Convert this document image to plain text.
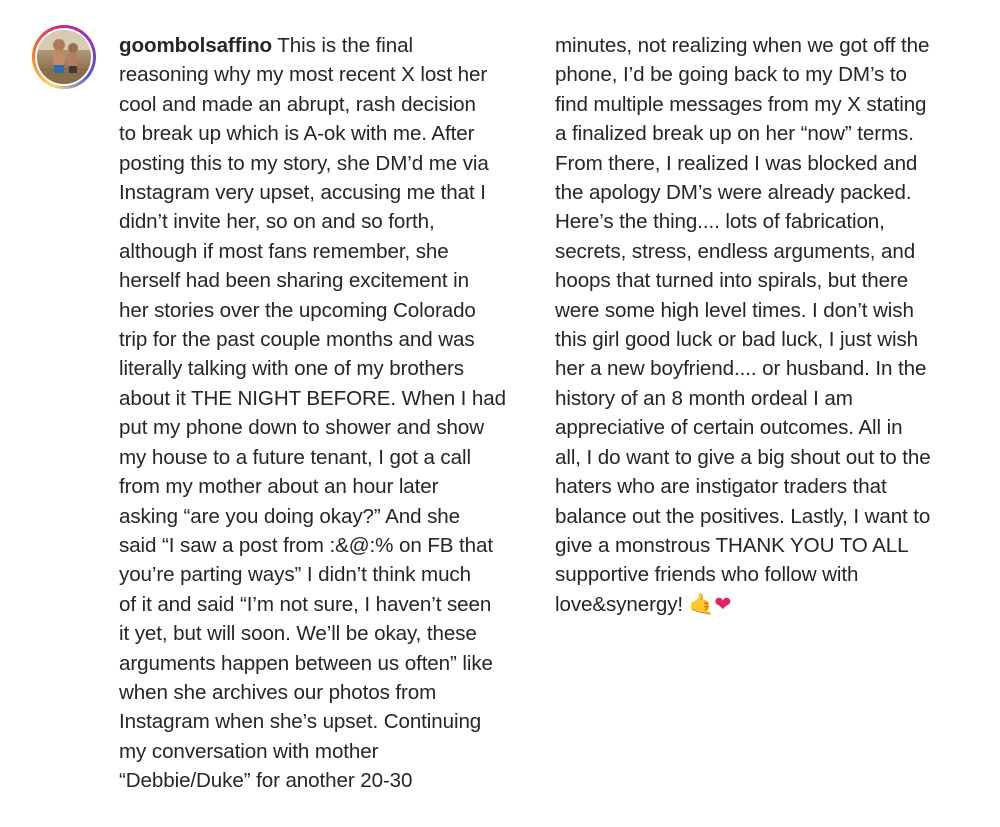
goombolsaffino This is the final
reasoning why my most recent X lost her
cool and made an abrupt, rash decision
to break up which is A-ok with me. After
posting this to my story, she DM’d me via
Instagram very upset, accusing me that I
didn’t invite her, so on and so forth,
although if most fans remember, she
herself had been sharing excitement in
her stories over the upcoming Colorado
trip for the past couple months and was
literally talking with one of my brothers
about it THE NIGHT BEFORE. When I had
put my phone down to shower and show
my house to a future tenant, I got a call
from my mother about an hour later
asking “are you doing okay?” And she
said “I saw a post from :&@:% on FB that
you’re parting ways” I didn’t think much
of it and said “I’m not sure, I haven’t seen
it yet, but will soon. We’ll be okay, these
arguments happen between us often” like
when she archives our photos from
Instagram when she’s upset. Continuing
my conversation with mother
“Debbie/Duke” for another 20-30
minutes, not realizing when we got off the
phone, I’d be going back to my DM’s to
find multiple messages from my X stating
a finalized break up on her “now” terms.
From there, I realized I was blocked and
the apology DM’s were already packed.
Here’s the thing.... lots of fabrication,
secrets, stress, endless arguments, and
hoops that turned into spirals, but there
were some high level times. I don’t wish
this girl good luck or bad luck, I just wish
her a new boyfriend.... or husband. In the
history of an 8 month ordeal I am
appreciative of certain outcomes. All in
all, I do want to give a big shout out to the
haters who are instigator traders that
balance out the positives. Lastly, I want to
give a monstrous THANK YOU TO ALL
supportive friends who follow with
love&synergy! 🤙❤
